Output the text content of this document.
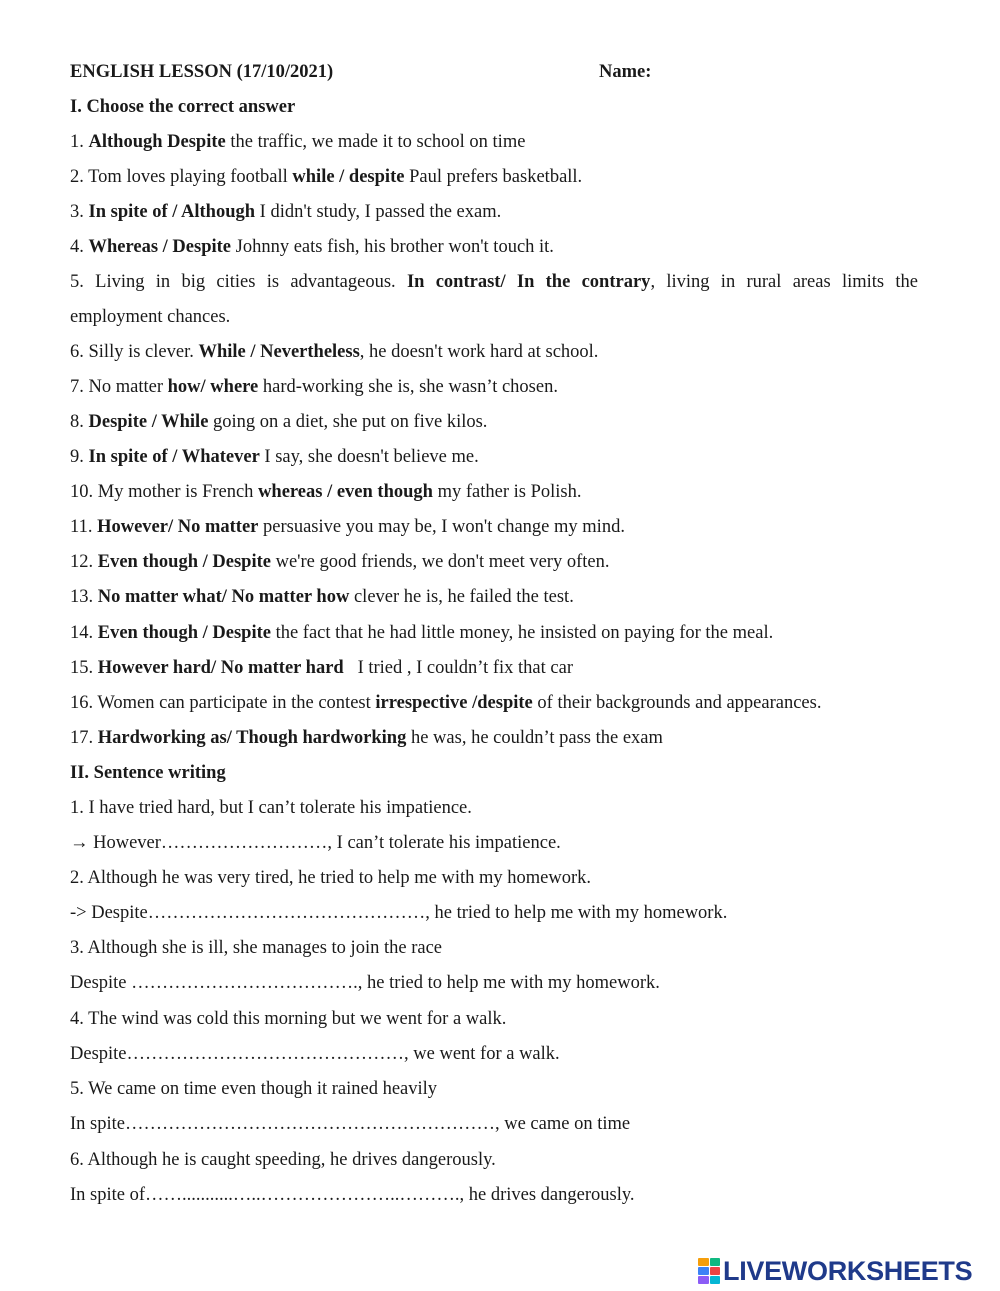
ENGLISH LESSON (17/10/2021)	Name:
I. Choose the correct answer
1. Although Despite the traffic, we made it to school on time
2. Tom loves playing football while / despite Paul prefers basketball.
3. In spite of / Although I didn't study, I passed the exam.
4. Whereas / Despite Johnny eats fish, his brother won't touch it.
5. Living in big cities is advantageous. In contrast/ In the contrary, living in rural areas limits the
employment chances.
6. Silly is clever. While / Nevertheless, he doesn't work hard at school.
7. No matter how/ where hard-working she is, she wasn’t chosen.
8. Despite / While going on a diet, she put on five kilos.
9. In spite of / Whatever I say, she doesn't believe me.
10. My mother is French whereas / even though my father is Polish.
11. However/ No matter persuasive you may be, I won't change my mind.
12. Even though / Despite we're good friends, we don't meet very often.
13. No matter what/ No matter how clever he is, he failed the test.
14. Even though / Despite the fact that he had little money, he insisted on paying for the meal.
15. However hard/ No matter hard   I tried , I couldn’t fix that car
16. Women can participate in the contest irrespective /despite of their backgrounds and appearances.
17. Hardworking as/ Though hardworking he was, he couldn’t pass the exam
II. Sentence writing
1. I have tried hard, but I can’t tolerate his impatience.
→ However………………………, I can’t tolerate his impatience.
2. Although he was very tired, he tried to help me with my homework.
-> Despite………………………………………, he tried to help me with my homework.
3. Although she is ill, she manages to join the race
Despite ………………………………., he tried to help me with my homework.
4. The wind was cold this morning but we went for a walk.
Despite………………………………………, we went for a walk.
5. We came on time even though it rained heavily
In spite……………………………………………………, we came on time
6. Although he is caught speeding, he drives dangerously.
In spite of……...........…..…………………..………., he drives dangerously.
LIVEWORKSHEETS
